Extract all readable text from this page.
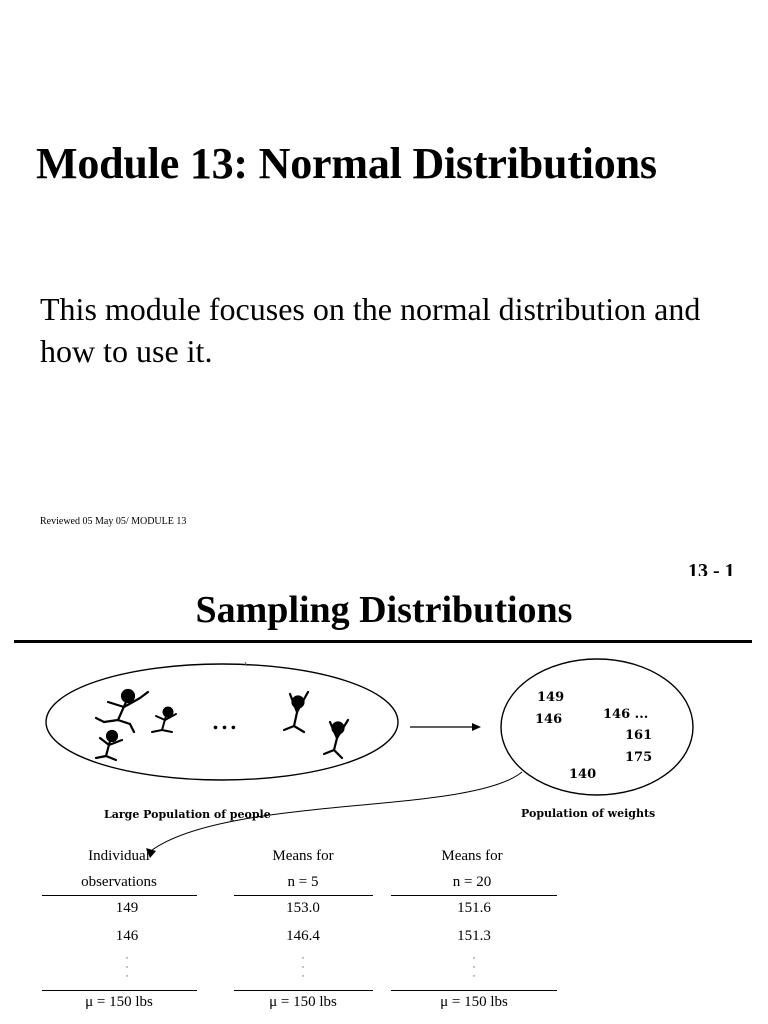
Module 13: Normal Distributions
This module focuses on the normal distribution and how to use it.
Reviewed 05 May 05/ MODULE 13
13 - 1
Sampling Distributions
...
149
146	146 ...
161
175
140
Large Population of people	Population of weights
Individual
observations
149
146
·
·
·
μ = 150 lbs
Means for
n = 5
153.0
146.4
·
·
·
μ = 150 lbs
Means for
n = 20
151.6
151.3
·
·
·
μ = 150 lbs
